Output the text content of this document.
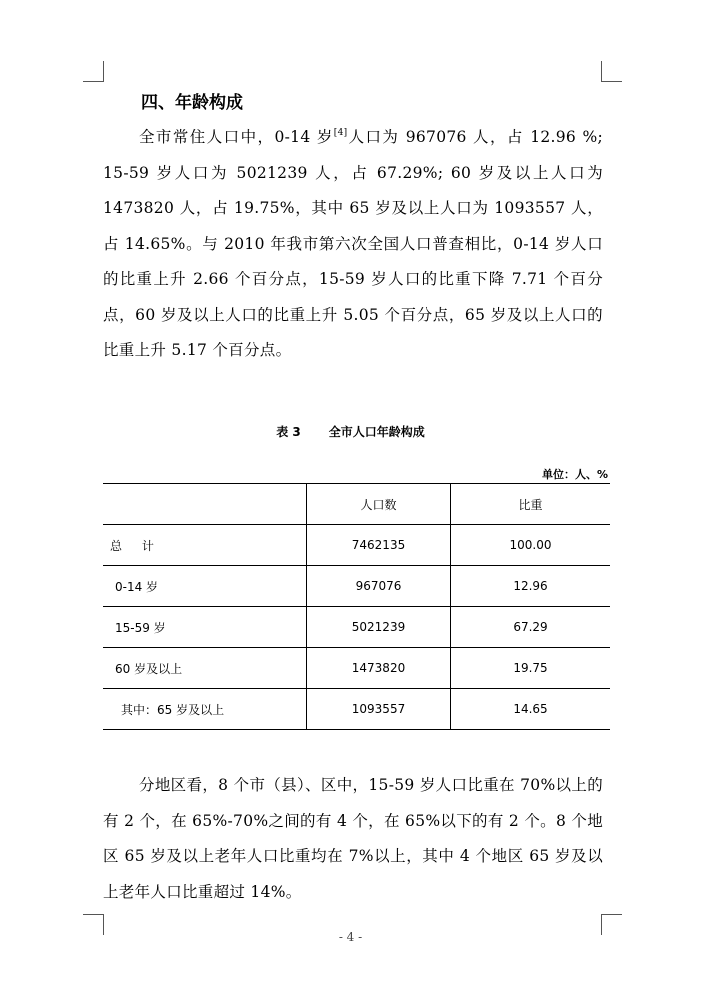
四、年龄构成

全市常住人口中，0-14 岁[4]人口为 967076 人，占 12.96 %; 15-59 岁人口为 5021239 人，占 67.29%; 60 岁及以上人口为 1473820 人，占 19.75%，其中 65 岁及以上人口为 1093557 人，占 14.65%。与 2010 年我市第六次全国人口普查相比，0-14 岁人口的比重上升 2.66 个百分点，15-59 岁人口的比重下降 7.71 个百分点，60 岁及以上人口的比重上升 5.05 个百分点，65 岁及以上人口的比重上升 5.17 个百分点。

表 3 全市人口年龄构成
单位：人、%
	人口数	比重
总 计	7462135	100.00
0-14 岁	967076	12.96
15-59 岁	5021239	67.29
60 岁及以上	1473820	19.75
其中：65 岁及以上	1093557	14.65

分地区看，8 个市（县）、区中，15-59 岁人口比重在 70%以上的有 2 个，在 65%-70%之间的有 4 个，在 65%以下的有 2 个。8 个地区 65 岁及以上老年人口比重均在 7%以上，其中 4 个地区 65 岁及以上老年人口比重超过 14%。

- 4 -
